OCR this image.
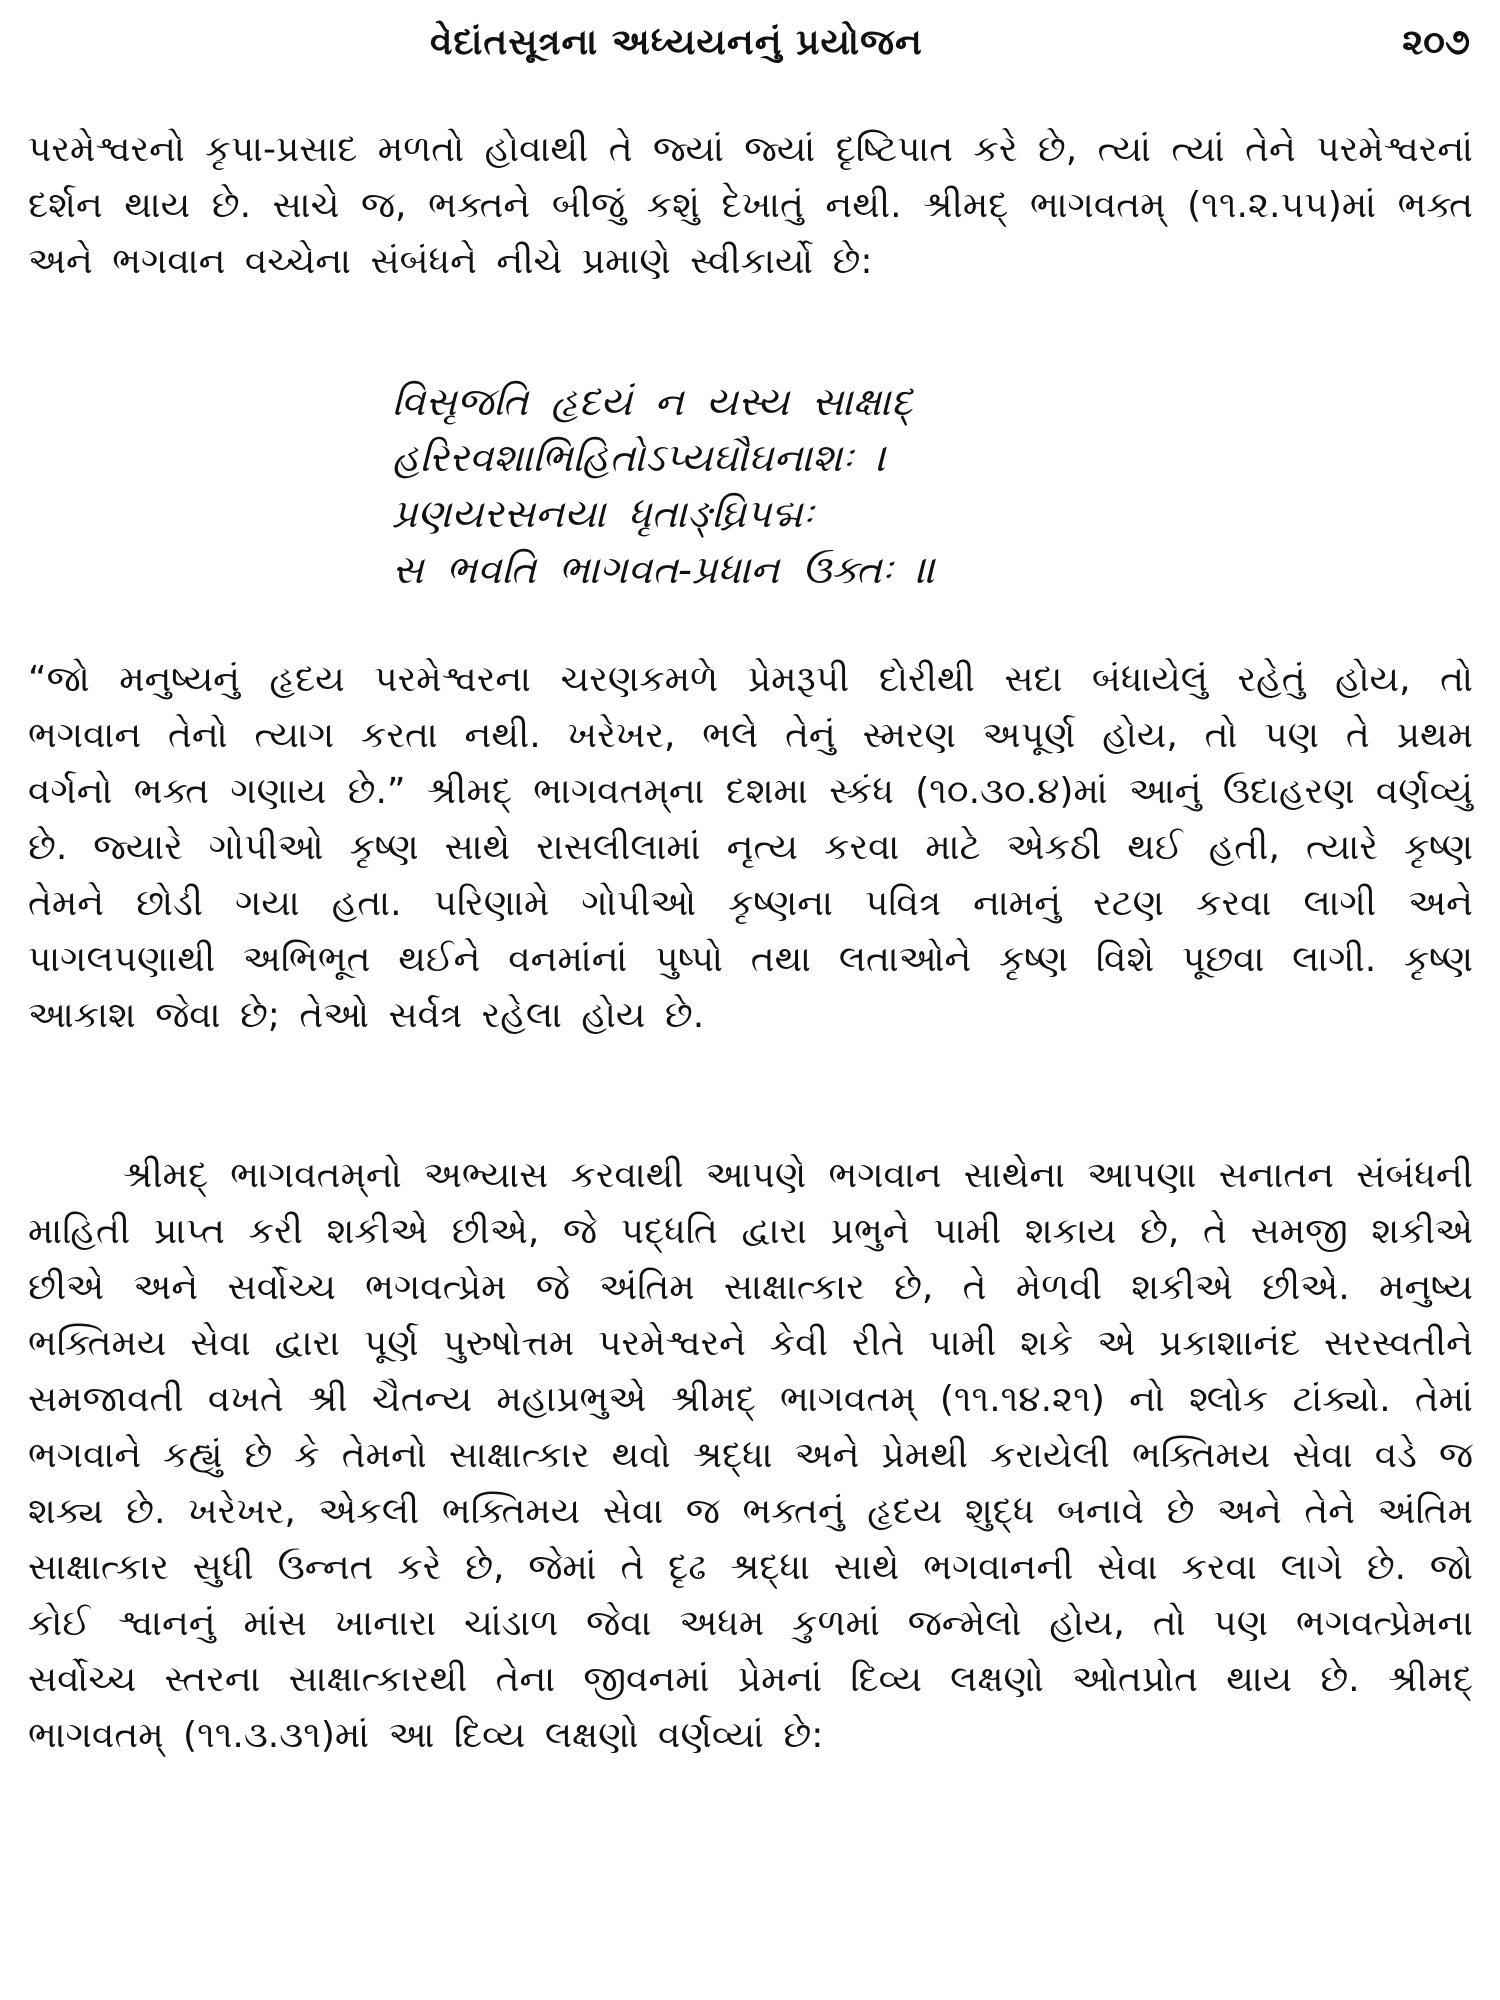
વેદાંતસૂત્રના અધ્યયનનું પ્રયોજન	૨૦૭
પરમેશ્વરનો કૃપા-પ્રસાદ મળતો હોવાથી તે જ્યાં જ્યાં દૃષ્ટિપાત કરે છે, ત્યાં ત્યાં તેને પરમેશ્વરનાં દર્શન થાય છે. સાચે જ, ભક્તને બીજું કશું દેખાતું નથી. શ્રીમદ્ ભાગવતમ્ (૧૧.૨.૫૫)માં ભક્ત અને ભગવાન વચ્ચેના સંબંધને નીચે પ્રમાણે સ્વીકાર્યો છે:
વિસૃજતિ હૃદયં ન યસ્ય સાક્ષાદ્
હરિરવશાભિહિતોઽપ્યઘૌઘનાશઃ ।
પ્રણયરસનયા ધૃતાઙ્‌ઘ્રિપદ્મઃ
સ ભવતિ ભાગવત-પ્રધાન ઉક્તઃ ॥
“જો મનુષ્યનું હૃદય પરમેશ્વરના ચરણકમળે પ્રેમરૂપી દોરીથી સદા બંધાયેલું રહેતું હોય, તો ભગવાન તેનો ત્યાગ કરતા નથી. ખરેખર, ભલે તેનું સ્મરણ અપૂર્ણ હોય, તો પણ તે પ્રથમ વર્ગનો ભક્ત ગણાય છે.” શ્રીમદ્ ભાગવતમ્‌ના દશમા સ્કંધ (૧૦.૩૦.૪)માં આનું ઉદાહરણ વર્ણવ્યું છે. જ્યારે ગોપીઓ કૃષ્ણ સાથે રાસલીલામાં નૃત્ય કરવા માટે એકઠી થઈ હતી, ત્યારે કૃષ્ણ તેમને છોડી ગયા હતા. પરિણામે ગોપીઓ કૃષ્ણના પવિત્ર નામનું રટણ કરવા લાગી અને પાગલપણાથી અભિભૂત થઈને વનમાંનાં પુષ્પો તથા લતાઓને કૃષ્ણ વિશે પૂછવા લાગી. કૃષ્ણ આકાશ જેવા છે; તેઓ સર્વત્ર રહેલા હોય છે.
શ્રીમદ્ ભાગવતમ્‌નો અભ્યાસ કરવાથી આપણે ભગવાન સાથેના આપણા સનાતન સંબંધની માહિતી પ્રાપ્ત કરી શકીએ છીએ, જે પદ્ધતિ દ્વારા પ્રભુને પામી શકાય છે, તે સમજી શકીએ છીએ અને સર્વોચ્ચ ભગવત્પ્રેમ જે અંતિમ સાક્ષાત્કાર છે, તે મેળવી શકીએ છીએ. મનુષ્ય ભક્તિમય સેવા દ્વારા પૂર્ણ પુરુષોત્તમ પરમેશ્વરને કેવી રીતે પામી શકે એ પ્રકાશાનંદ સરસ્વતીને સમજાવતી વખતે શ્રી ચૈતન્ય મહાપ્રભુએ શ્રીમદ્ ભાગવતમ્ (૧૧.૧૪.૨૧) નો શ્લોક ટાંક્યો. તેમાં ભગવાને કહ્યું છે કે તેમનો સાક્ષાત્કાર થવો શ્રદ્ધા અને પ્રેમથી કરાયેલી ભક્તિમય સેવા વડે જ શક્ય છે. ખરેખર, એકલી ભક્તિમય સેવા જ ભક્તનું હૃદય શુદ્ધ બનાવે છે અને તેને અંતિમ સાક્ષાત્કાર સુધી ઉન્નત કરે છે, જેમાં તે દૃઢ શ્રદ્ધા સાથે ભગવાનની સેવા કરવા લાગે છે. જો કોઈ શ્વાનનું માંસ ખાનારા ચાંડાળ જેવા અધમ કુળમાં જન્મેલો હોય, તો પણ ભગવત્પ્રેમના સર્વોચ્ચ સ્તરના સાક્ષાત્કારથી તેના જીવનમાં પ્રેમનાં દિવ્ય લક્ષણો ઓતપ્રોત થાય છે. શ્રીમદ્ ભાગવતમ્ (૧૧.૩.૩૧)માં આ દિવ્ય લક્ષણો વર્ણવ્યાં છે:
